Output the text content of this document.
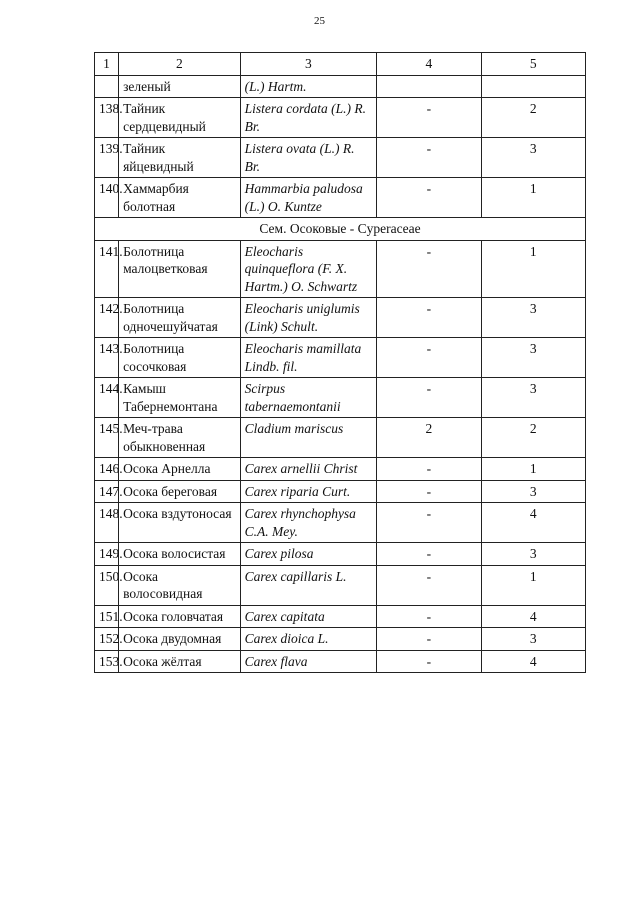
25
1	2	3	4	5
	зеленый	(L.) Hartm.		
138.	Тайник сердцевидный	Listera cordata (L.) R. Br.	-	2
139.	Тайник яйцевидный	Listera ovata (L.) R. Br.	-	3
140.	Хаммарбия болотная	Hammarbia paludosa (L.) O. Kuntze	-	1
Сем. Осоковые - Cyperaceae				
141.	Болотница малоцветковая	Eleocharis quinqueflora (F. X. Hartm.) O. Schwartz	-	1
142.	Болотница одночешуйчатая	Eleocharis uniglumis (Link) Schult.	-	3
143.	Болотница сосочковая	Eleocharis mamillata Lindb. fil.	-	3
144.	Камыш Табернемонтана	Scirpus tabernaemontanii	-	3
145.	Меч-трава обыкновенная	Cladium mariscus	2	2
146.	Осока Арнелла	Carex arnellii Christ	-	1
147.	Осока береговая	Carex riparia Curt.	-	3
148.	Осока вздутоносая	Carex rhynchophysa C.A. Mey.	-	4
149.	Осока волосистая	Carex pilosa	-	3
150.	Осока волосовидная	Carex capillaris L.	-	1
151.	Осока головчатая	Carex capitata	-	4
152.	Осока двудомная	Carex dioica L.	-	3
153.	Осока жёлтая	Carex flava	-	4
